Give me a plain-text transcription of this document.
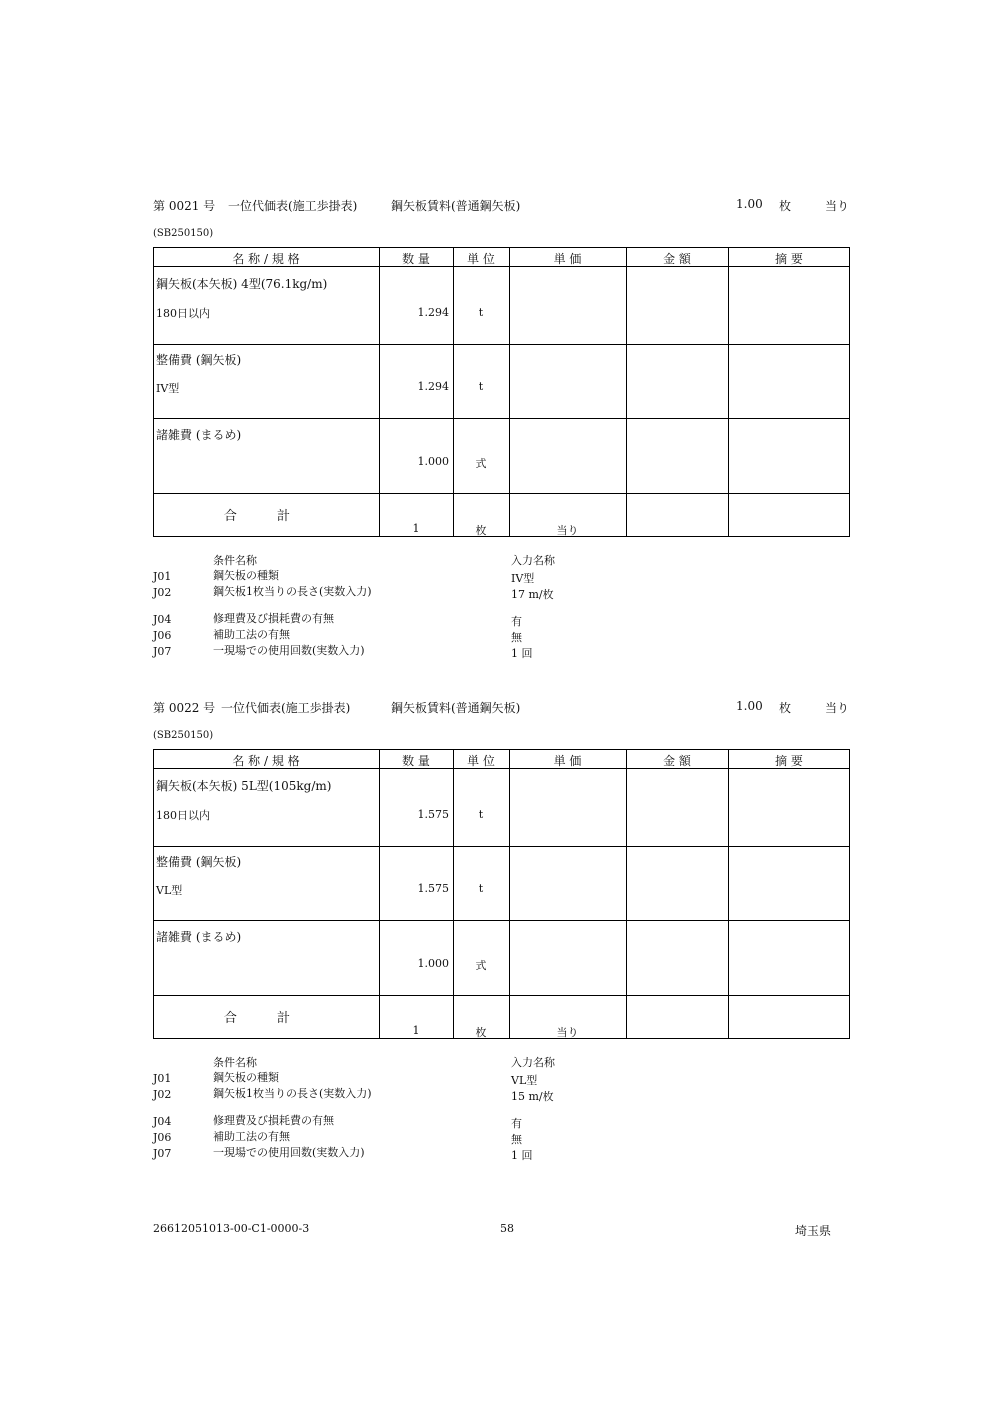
第 0021 号 一位代価表(施工歩掛表)	鋼矢板賃料(普通鋼矢板)	1.00 枚	当り
(SB250150)
名 称 / 規 格	数 量	単 位	単 価	金 額	摘 要
鋼矢板(本矢板) 4型(76.1kg/m)
180日以内	1.294	t
整備費 (鋼矢板)
IV型	1.294	t
諸雑費 (まるめ)
1.000	式
合 計
1	枚	当り
条件名称	入力名称
J01	鋼矢板の種類	IV型
J02	鋼矢板1枚当りの長さ(実数入力)	17 m/枚
J04	修理費及び損耗費の有無	有
J06	補助工法の有無	無
J07	一現場での使用回数(実数入力)	1 回
第 0022 号 一位代価表(施工歩掛表)	鋼矢板賃料(普通鋼矢板)	1.00 枚	当り
(SB250150)
名 称 / 規 格	数 量	単 位	単 価	金 額	摘 要
鋼矢板(本矢板) 5L型(105kg/m)
180日以内	1.575	t
整備費 (鋼矢板)
VL型	1.575	t
諸雑費 (まるめ)
1.000	式
合 計
1	枚	当り
条件名称	入力名称
J01	鋼矢板の種類	VL型
J02	鋼矢板1枚当りの長さ(実数入力)	15 m/枚
J04	修理費及び損耗費の有無	有
J06	補助工法の有無	無
J07	一現場での使用回数(実数入力)	1 回
26612051013-00-C1-0000-3	58	埼玉県
